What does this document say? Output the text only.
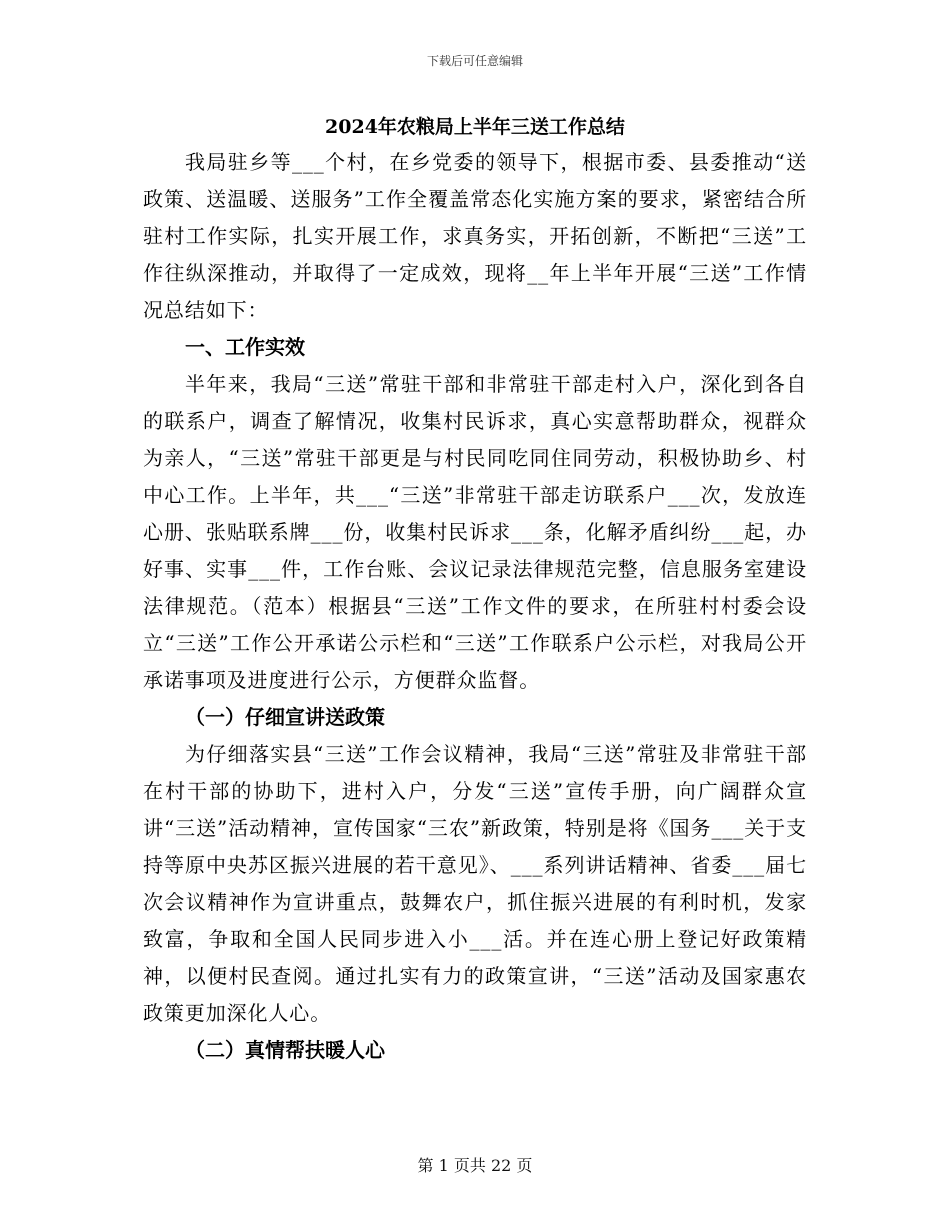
下载后可任意编辑
2024年农粮局上半年三送工作总结

我局驻乡等___个村，在乡党委的领导下，根据市委、县委推动“送政策、送温暖、送服务”工作全覆盖常态化实施方案的要求，紧密结合所驻村工作实际，扎实开展工作，求真务实，开拓创新，不断把“三送”工作往纵深推动，并取得了一定成效，现将__年上半年开展“三送”工作情况总结如下：

一、工作实效

半年来，我局“三送”常驻干部和非常驻干部走村入户，深化到各自的联系户，调查了解情况，收集村民诉求，真心实意帮助群众，视群众为亲人，“三送”常驻干部更是与村民同吃同住同劳动，积极协助乡、村中心工作。上半年，共___“三送”非常驻干部走访联系户___次，发放连心册、张贴联系牌___份，收集村民诉求___条，化解矛盾纠纷___起，办好事、实事___件，工作台账、会议记录法律规范完整，信息服务室建设法律规范。（范本）根据县“三送”工作文件的要求，在所驻村村委会设立“三送”工作公开承诺公示栏和“三送”工作联系户公示栏，对我局公开承诺事项及进度进行公示，方便群众监督。

（一）仔细宣讲送政策

为仔细落实县“三送”工作会议精神，我局“三送”常驻及非常驻干部在村干部的协助下，进村入户，分发“三送”宣传手册，向广阔群众宣讲“三送”活动精神，宣传国家“三农”新政策，特别是将《国务___关于支持等原中央苏区振兴进展的若干意见》、___系列讲话精神、省委___届七次会议精神作为宣讲重点，鼓舞农户，抓住振兴进展的有利时机，发家致富，争取和全国人民同步进入小___活。并在连心册上登记好政策精神，以便村民查阅。通过扎实有力的政策宣讲，“三送”活动及国家惠农政策更加深化人心。

（二）真情帮扶暖人心

第 1 页共 22 页
